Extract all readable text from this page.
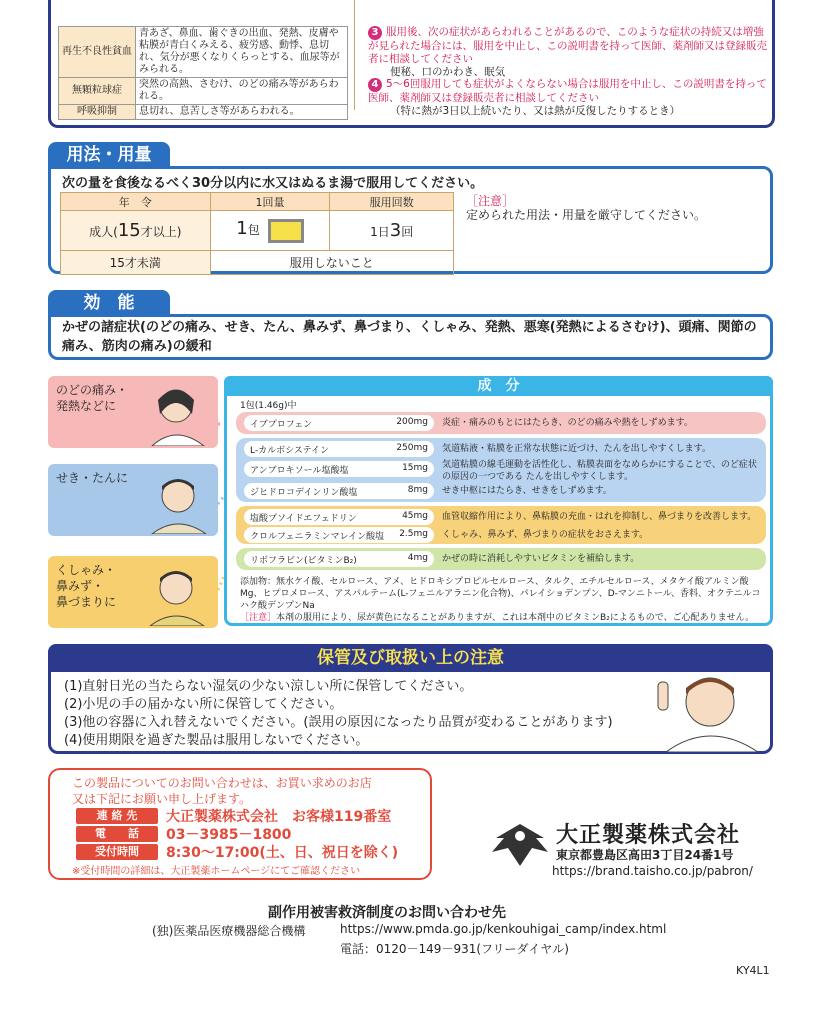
再生不良性貧血	青あざ、鼻血、歯ぐきの出血、発熱、皮膚や粘膜が青白くみえる、疲労感、動悸、息切れ、気分が悪くなりくらっとする、血尿等がみられる。
無顆粒球症	突然の高熱、さむけ、のどの痛み等があらわれる。
呼吸抑制	息切れ、息苦しさ等があらわれる。
3 服用後、次の症状があらわれることがあるので、このような症状の持続又は増強が見られた場合には、服用を中止し、この説明書を持って医師、薬剤師又は登録販売者に相談してください
便秘、口のかわき、眠気
4 5～6回服用しても症状がよくならない場合は服用を中止し、この説明書を持って医師、薬剤師又は登録販売者に相談してください
（特に熱が3日以上続いたり、又は熱が反復したりするとき）
用法・用量
次の量を食後なるべく30分以内に水又はぬるま湯で服用してください。
年　令	1回量	服用回数
成人(15才以上)	1包	1日3回
15才未満	服用しないこと	
［注意］
定められた用法・用量を厳守してください。
効　能
かぜの諸症状(のどの痛み、せき、たん、鼻みず、鼻づまり、くしゃみ、発熱、悪寒(発熱によるさむけ)、頭痛、関節の痛み、筋肉の痛み)の緩和
のどの痛み・
発熱などに
せき・たんに
くしゃみ・
鼻みず・
鼻づまりに
成　分
1包(1.46g)中
イブプロフェン	200mg 炎症・痛みのもとにはたらき、のどの痛みや熱をしずめます。
L-カルボシステイン	250mg 気道粘液・粘膜を正常な状態に近づけ、たんを出しやすくします。
アンブロキソール塩酸塩	15mg 気道粘膜の線毛運動を活性化し、粘膜表面をなめらかにすることで、のど症状の原因の一つである たんを出しやすくします。
ジヒドロコデインリン酸塩	8mg せき中枢にはたらき、せきをしずめます。
塩酸プソイドエフェドリン	45mg 血管収縮作用により、鼻粘膜の充血・はれを抑制し、鼻づまりを改善します。
クロルフェニラミンマレイン酸塩	2.5mg くしゃみ、鼻みず、鼻づまりの症状をおさえます。
リボフラビン(ビタミンB₂)	4mg かぜの時に消耗しやすいビタミンを補給します。
添加物：無水ケイ酸、セルロース、アメ、ヒドロキシプロピルセルロース、タルク、エチルセルロース、メタケイ酸アルミン酸Mg、ヒプロメロース、アスパルテーム(L-フェニルアラニン化合物)、パレイショデンプン、D-マンニトール、香料、オクテニルコハク酸デンプンNa
［注意］本剤の服用により、尿が黄色になることがありますが、これは本剤中のビタミンB₂によるもので、ご心配ありません。
保管及び取扱い上の注意
(1)直射日光の当たらない湿気の少ない涼しい所に保管してください。
(2)小児の手の届かない所に保管してください。
(3)他の容器に入れ替えないでください。(誤用の原因になったり品質が変わることがあります)
(4)使用期限を過ぎた製品は服用しないでください。
この製品についてのお問い合わせは、お買い求めのお店
又は下記にお願い申し上げます。
連 絡 先	大正製薬株式会社　お客様119番室
電　　話	03－3985－1800
受付時間	8:30～17:00(土、日、祝日を除く)
※受付時間の詳細は、大正製薬ホームページにてご確認ください
大正製薬株式会社
東京都豊島区高田3丁目24番1号
https://brand.taisho.co.jp/pabron/
副作用被害救済制度のお問い合わせ先
(独)医薬品医療機器総合機構	https://www.pmda.go.jp/kenkouhigai_camp/index.html
電話：0120－149－931(フリーダイヤル)
KY4L1
